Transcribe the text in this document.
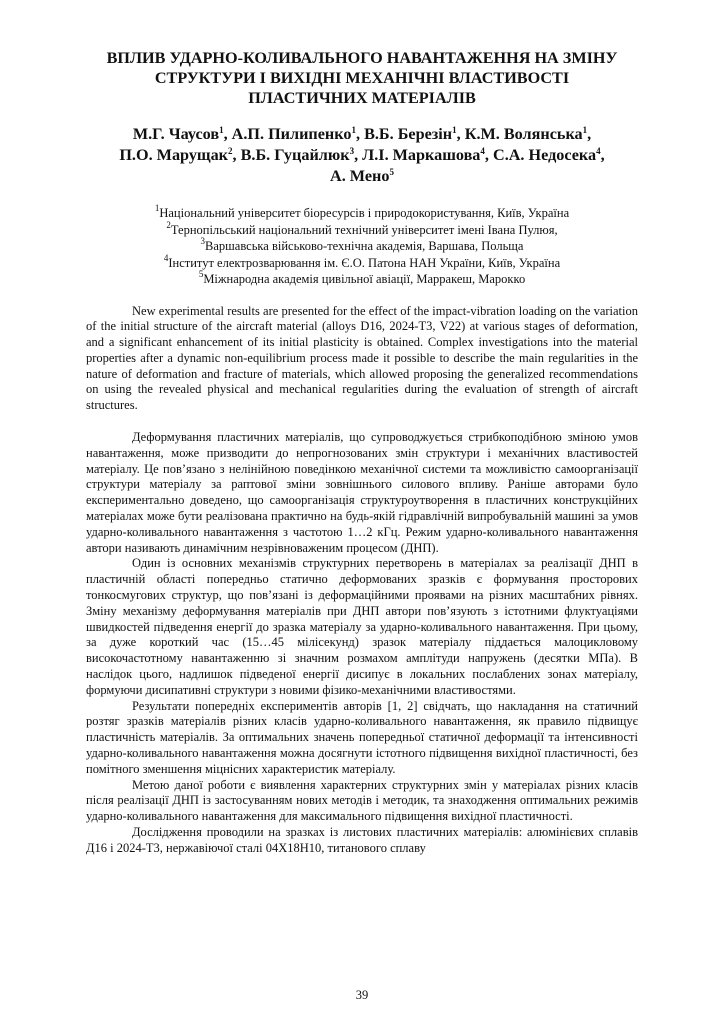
ВПЛИВ УДАРНО-КОЛИВАЛЬНОГО НАВАНТАЖЕННЯ НА ЗМІНУ
СТРУКТУРИ І ВИХІДНІ МЕХАНІЧНІ ВЛАСТИВОСТІ
ПЛАСТИЧНИХ МАТЕРІАЛІВ
М.Г. Чаусов$^1$, А.П. Пилипенко$^1$, В.Б. Березін$^1$, К.М. Волянська$^1$,
П.О. Марущак$^2$, В.Б. Гуцайлюк$^3$, Л.І. Маркашова$^4$, С.А. Недосека$^4$,
А. Мено$^5$
$^1$Національний університет біоресурсів і природокористування, Київ, Україна
$^2$Тернопільський національний технічний університет імені Івана Пулюя,
$^3$Варшавська військово-технічна академія, Варшава, Польща
$^4$Інститут електрозварювання ім. Є.О. Патона НАН України, Київ, Україна
$^5$Міжнародна академія цивільної авіації, Марракеш, Марокко
New experimental results are presented for the effect of the impact-vibration loading on the variation of the initial structure of the aircraft material (alloys D16, 2024-T3, V22) at various stages of deformation, and a significant enhancement of its initial plasticity is obtained. Complex investigations into the material properties after a dynamic non-equilibrium process made it possible to describe the main regularities in the nature of deformation and fracture of materials, which allowed proposing the generalized recommendations on using the revealed physical and mechanical regularities during the evaluation of strength of aircraft structures.

Деформування пластичних матеріалів, що супроводжується стрибкоподібною зміною умов навантаження, може призводити до непрогнозованих змін структури і механічних властивостей матеріалу. Це пов’язано з нелінійною поведінкою механічної системи та можливістю самоорганізації структури матеріалу за раптової зміни зовнішнього силового впливу. Раніше авторами було експериментально доведено, що самоорганізація структуроутворення в пластичних конструкційних матеріалах може бути реалізована практично на будь-якій гідравлічній випробувальній машині за умов ударно-коливального навантаження з частотою 1…2 кГц. Режим ударно-коливального навантаження автори називають динамічним незрівноваженим процесом (ДНП).

Один із основних механізмів структурних перетворень в матеріалах за реалізації ДНП в пластичній області попередньо статично деформованих зразків є формування просторових тонкосмугових структур, що пов’язані із деформаційними проявами на різних масштабних рівнях. Зміну механізму деформування матеріалів при ДНП автори пов’язують з істотними флуктуаціями швидкостей підведення енергії до зразка матеріалу за ударно-коливального навантаження. При цьому, за дуже короткий час (15…45 мілісекунд) зразок матеріалу піддається малоцикловому високочастотному навантаженню зі значним розмахом амплітуди напружень (десятки МПа). В наслідок цього, надлишок підведеної енергії дисипує в локальних послаблених зонах матеріалу, формуючи дисипативні структури з новими фізико-механічними властивостями.

Результати попередніх експериментів авторів [1, 2] свідчать, що накладання на статичний розтяг зразків матеріалів різних класів ударно-коливального навантаження, як правило підвищує пластичність матеріалів. За оптимальних значень попередньої статичної деформації та інтенсивності ударно-коливального навантаження можна досягнути істотного підвищення вихідної пластичності, без помітного зменшення міцнісних характеристик матеріалу.

Метою даної роботи є виявлення характерних структурних змін у матеріалах різних класів після реалізації ДНП із застосуванням нових методів і методик, та знаходження оптимальних режимів ударно-коливального навантаження для максимального підвищення вихідної пластичності.

Дослідження проводили на зразках із листових пластичних матеріалів: алюмінієвих сплавів Д16 і 2024-Т3, нержавіючої сталі 04Х18Н10, титанового сплаву

39
